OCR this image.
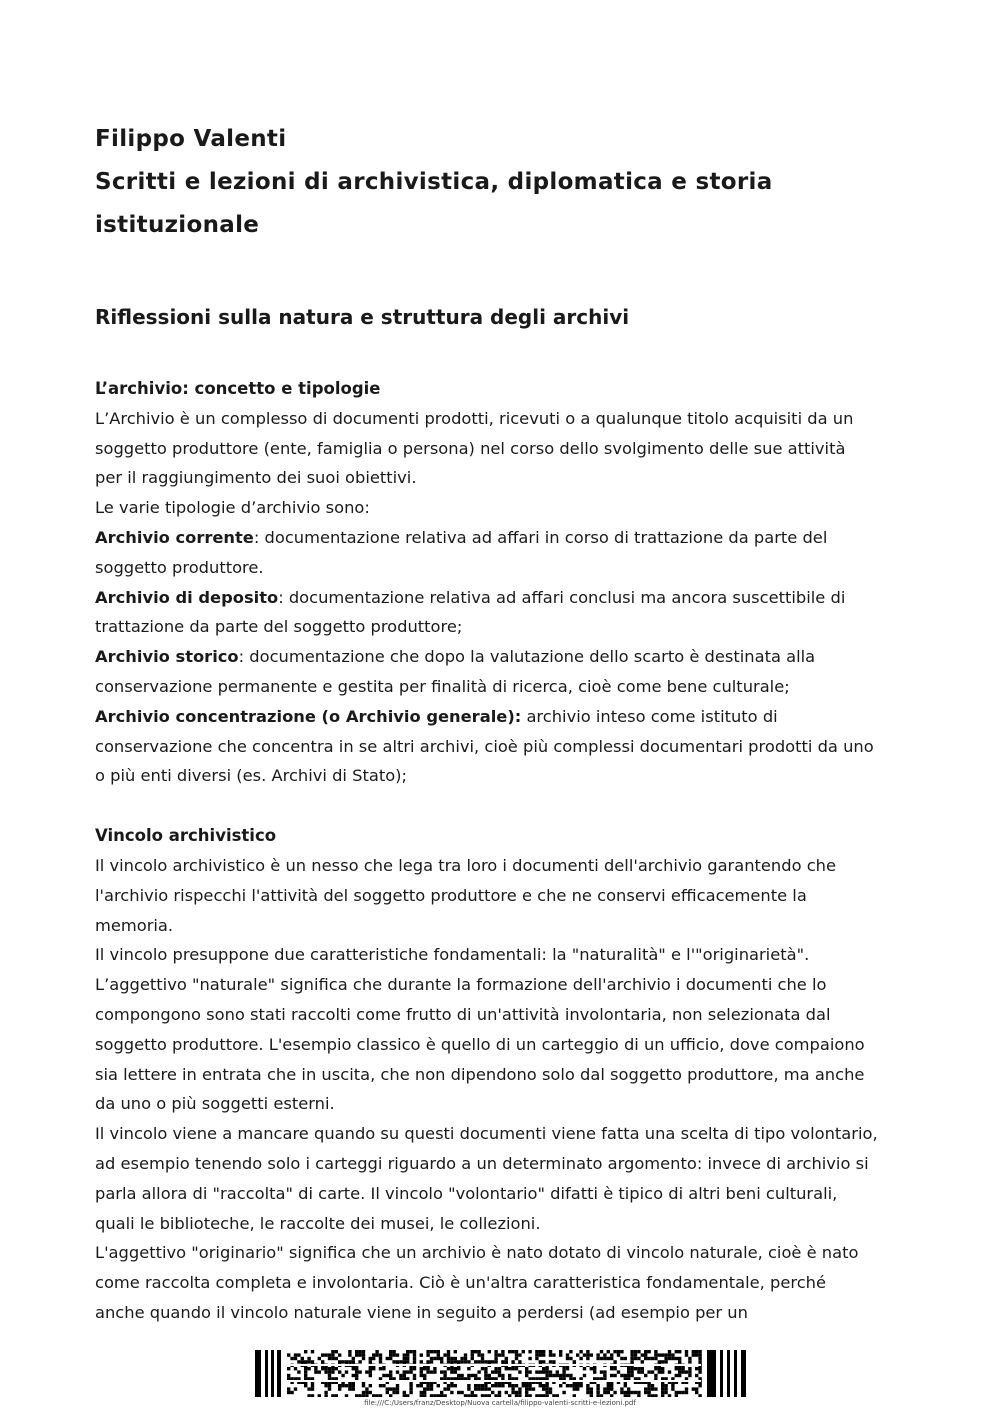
Filippo Valenti

Scritti e lezioni di archivistica, diplomatica e storia

istituzionale

Riflessioni sulla natura e struttura degli archivi

L’archivio: concetto e tipologie

L’Archivio è un complesso di documenti prodotti, ricevuti o a qualunque titolo acquisiti da un

soggetto produttore (ente, famiglia o persona) nel corso dello svolgimento delle sue attività

per il raggiungimento dei suoi obiettivi.

Le varie tipologie d’archivio sono:

Archivio corrente: documentazione relativa ad affari in corso di trattazione da parte del

soggetto produttore.

Archivio di deposito: documentazione relativa ad affari conclusi ma ancora suscettibile di

trattazione da parte del soggetto produttore;

Archivio storico: documentazione che dopo la valutazione dello scarto è destinata alla

conservazione permanente e gestita per finalità di ricerca, cioè come bene culturale;

Archivio concentrazione (o Archivio generale): archivio inteso come istituto di

conservazione che concentra in se altri archivi, cioè più complessi documentari prodotti da uno

o più enti diversi (es. Archivi di Stato);

Vincolo archivistico

Il vincolo archivistico è un nesso che lega tra loro i documenti dell'archivio garantendo che

l'archivio rispecchi l'attività del soggetto produttore e che ne conservi efficacemente la

memoria.

Il vincolo presuppone due caratteristiche fondamentali: la "naturalità" e l'"originarietà".

L’aggettivo "naturale" significa che durante la formazione dell'archivio i documenti che lo

compongono sono stati raccolti come frutto di un'attività involontaria, non selezionata dal

soggetto produttore. L'esempio classico è quello di un carteggio di un ufficio, dove compaiono

sia lettere in entrata che in uscita, che non dipendono solo dal soggetto produttore, ma anche

da uno o più soggetti esterni.

Il vincolo viene a mancare quando su questi documenti viene fatta una scelta di tipo volontario,

ad esempio tenendo solo i carteggi riguardo a un determinato argomento: invece di archivio si

parla allora di "raccolta" di carte. Il vincolo "volontario" difatti è tipico di altri beni culturali,

quali le biblioteche, le raccolte dei musei, le collezioni.

L'aggettivo "originario" significa che un archivio è nato dotato di vincolo naturale, cioè è nato

come raccolta completa e involontaria. Ciò è un'altra caratteristica fondamentale, perché

anche quando il vincolo naturale viene in seguito a perdersi (ad esempio per un

file:///C:/Users/franz/Desktop/Nuova cartella/filippo-valenti-scritti-e-lezioni.pdf
